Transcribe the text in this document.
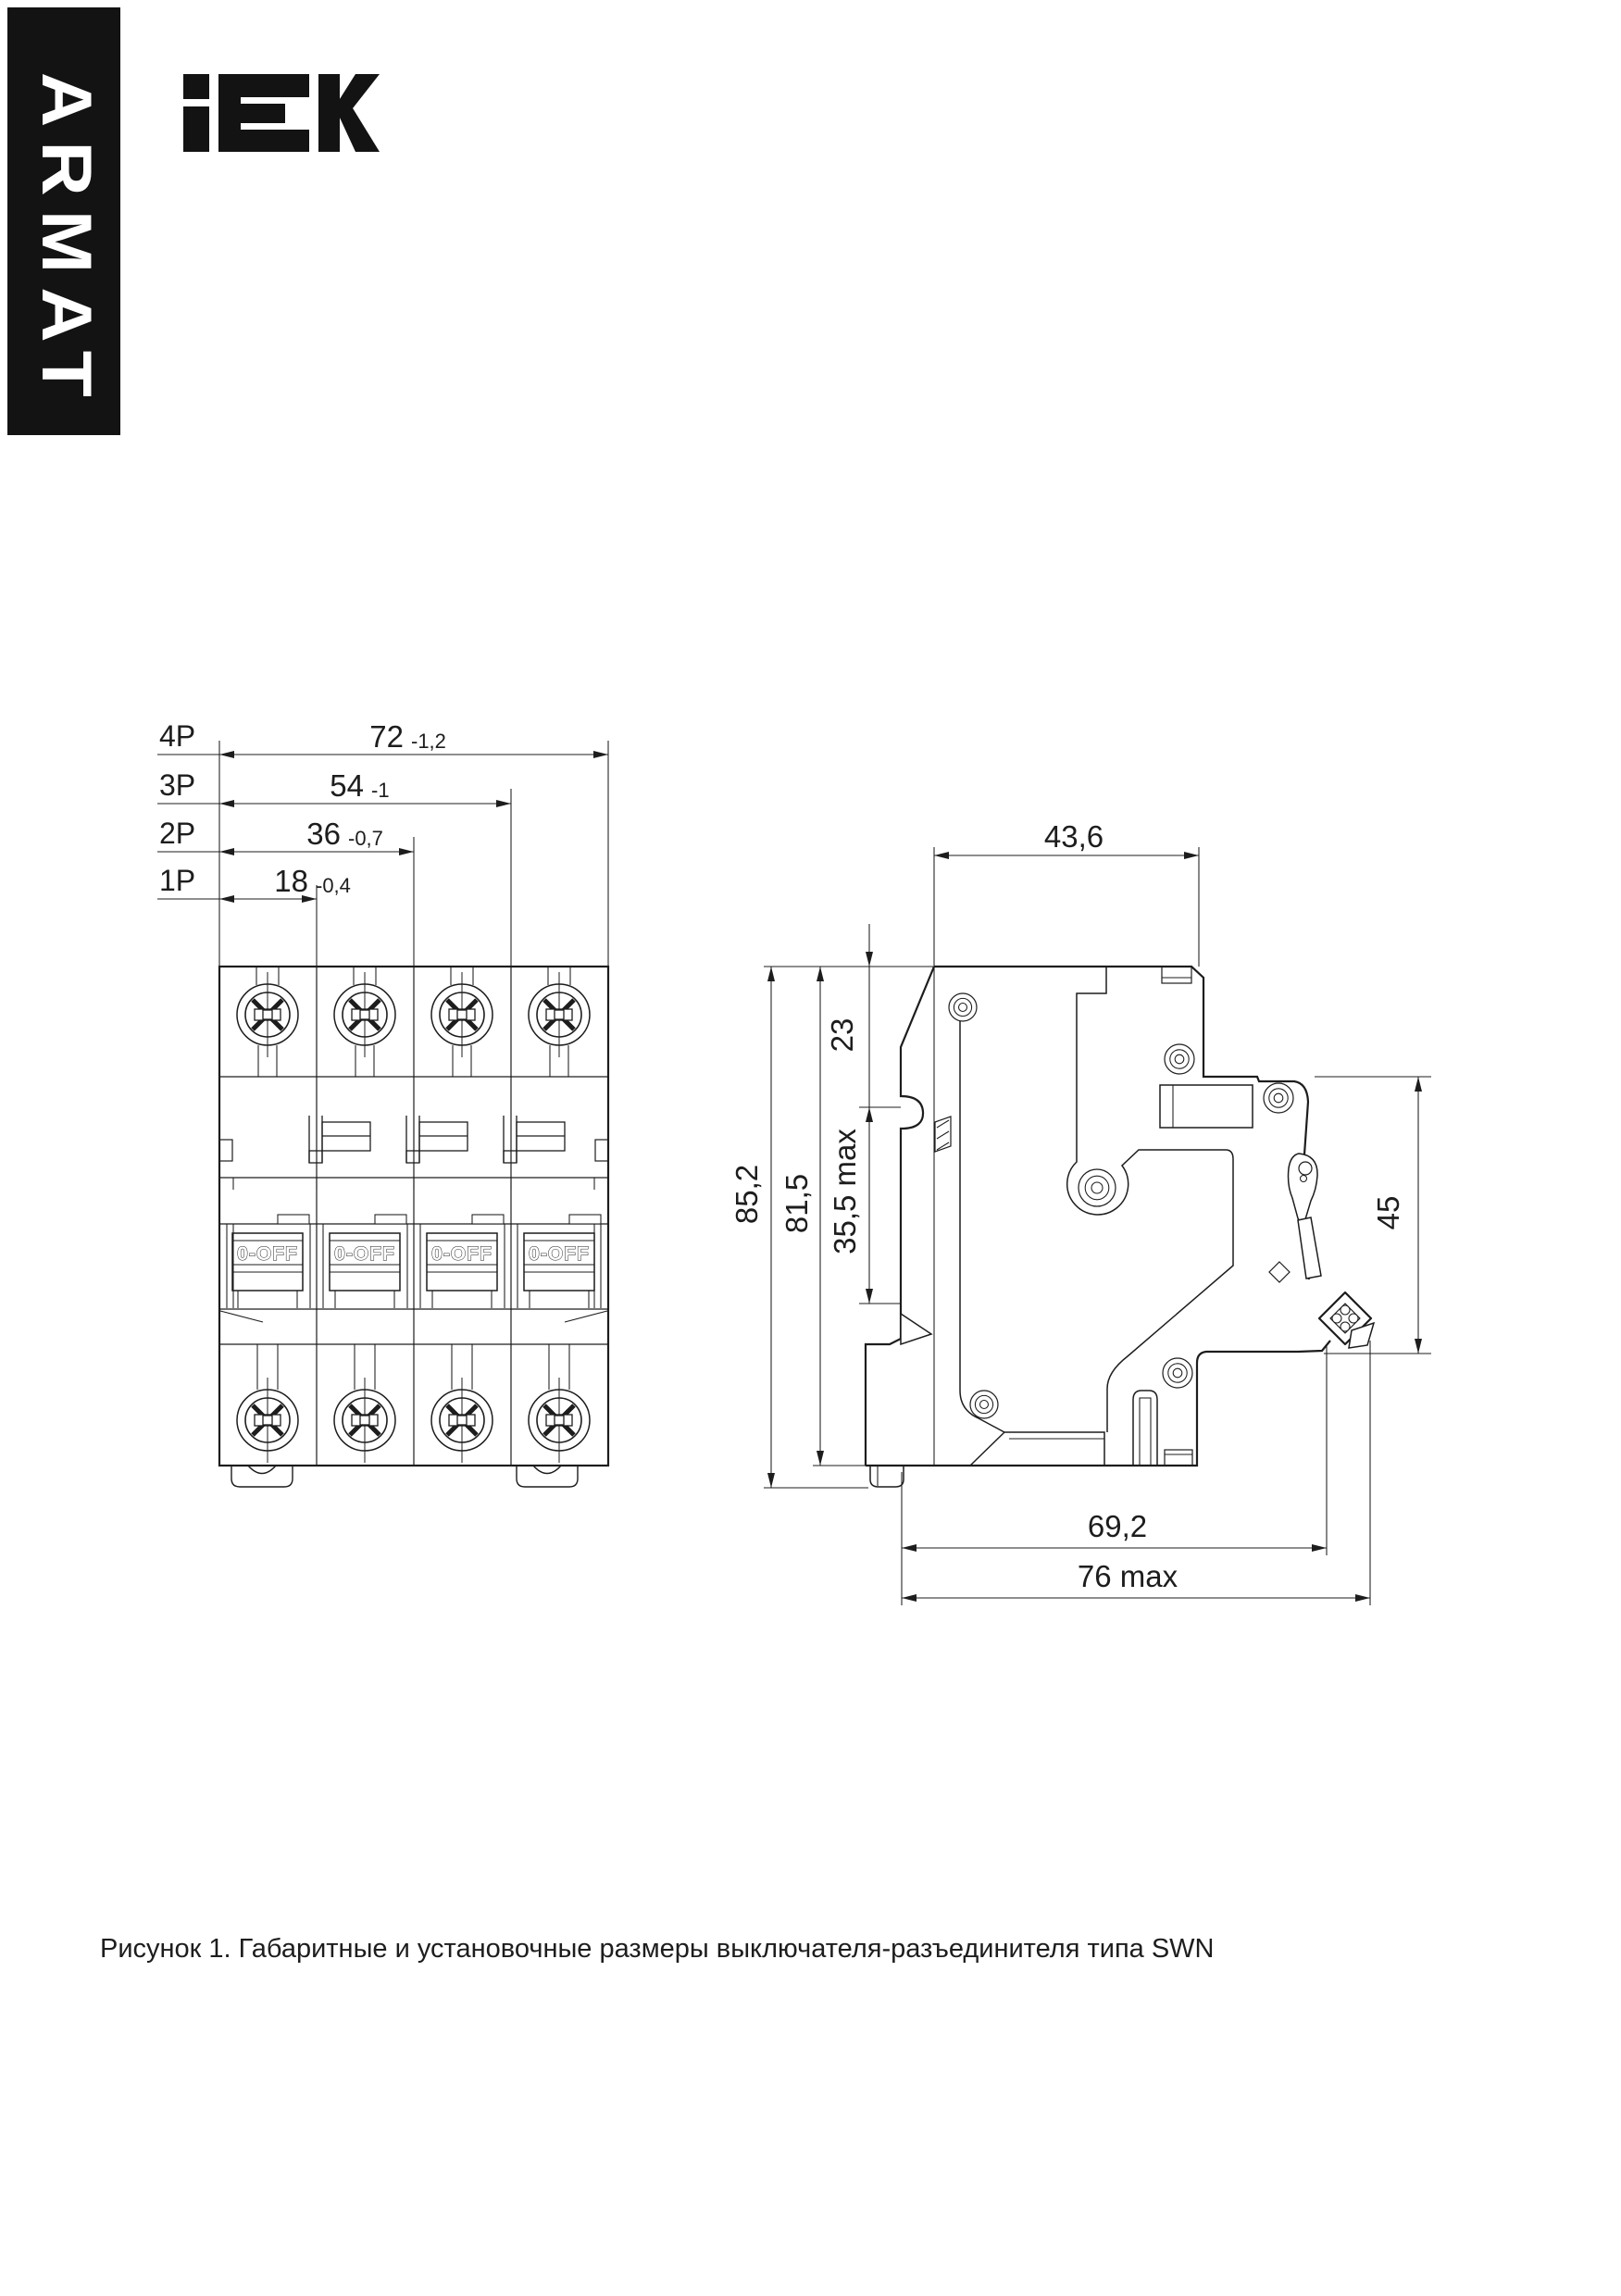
ARMAT
4P	72 -1,2
3P	54 -1
2P	36 -0,7
1P	18 -0,4
0-OFF 0-OFF 0-OFF 0-OFF
43,6
85,2 81,5
23
35,5 max	45
69,2
76 max
Рисунок 1. Габаритные и установочные размеры выключателя-разъединителя типа SWN
